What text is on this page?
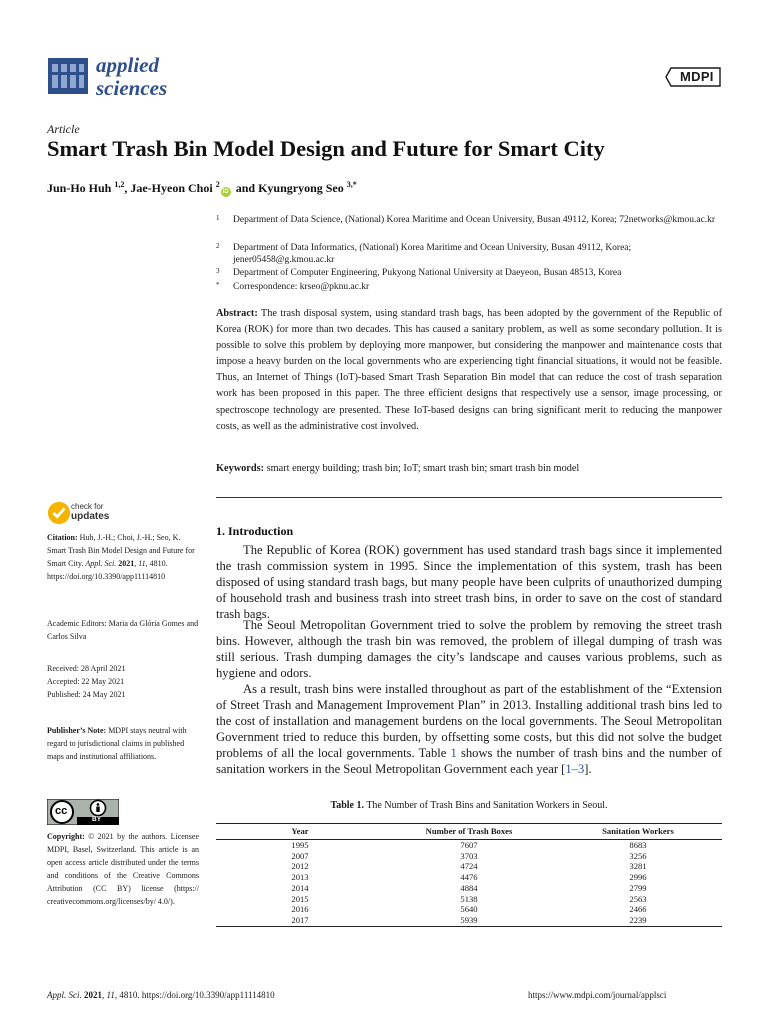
applied
sciences	MDPI
Article
Smart Trash Bin Model Design and Future for Smart City
Jun-Ho Huh $^{1,2}$, Jae-Hyeon Choi $^2$iD and Kyungryong Seo $^{3,*}$
1 Department of Data Science, (National) Korea Maritime and Ocean University, Busan 49112, Korea; 72networks@kmou.ac.kr
2 Department of Data Informatics, (National) Korea Maritime and Ocean University, Busan 49112, Korea; jener05458@g.kmou.ac.kr
3 Department of Computer Engineering, Pukyong National University at Daeyeon, Busan 48513, Korea
* Correspondence: krseo@pknu.ac.kr
Abstract: The trash disposal system, using standard trash bags, has been adopted by the government of the Republic of Korea (ROK) for more than two decades. This has caused a sanitary problem, as well as some secondary pollution. It is possible to solve this problem by deploying more manpower, but considering the manpower and maintenance costs that impose a heavy burden on the local governments who are experiencing tight financial situations, it would not be feasible. Thus, an Internet of Things (IoT)-based Smart Trash Separation Bin model that can reduce the cost of trash separation work has been proposed in this paper. The three efficient designs that respectively use a sensor, image processing, or spectroscope technology are presented. These IoT-based designs can bring significant merit to reducing the manpower costs, as well as the administrative cost involved.
Keywords: smart energy building; trash bin; IoT; smart trash bin; smart trash bin model
check for
updates
Citation: Huh, J.-H.; Choi, J.-H.; Seo, K. Smart Trash Bin Model Design and Future for Smart City. Appl. Sci. 2021, 11, 4810. https://doi.org/10.3390/app11114810
Academic Editors: Maria da Glória Gomes and Carlos Silva
Received: 28 April 2021
Accepted: 22 May 2021
Published: 24 May 2021
Publisher’s Note: MDPI stays neutral with regard to jurisdictional claims in published maps and institutional affiliations.
cc
BY
Copyright: © 2021 by the authors. Licensee MDPI, Basel, Switzerland. This article is an open access article distributed under the terms and conditions of the Creative Commons Attribution (CC BY) license (https:// creativecommons.org/licenses/by/ 4.0/).
1. Introduction
The Republic of Korea (ROK) government has used standard trash bags since it implemented the trash commission system in 1995. Since the implementation of this system, trash has been disposed of using standard trash bags, but many people have been culprits of unauthorized dumping of household trash and business trash into street trash bins, in order to save on the cost of standard trash bags.
The Seoul Metropolitan Government tried to solve the problem by removing the street trash bins. However, although the trash bin was removed, the problem of illegal dumping of trash was still serious. Trash dumping damages the city’s landscape and causes various problems, such as hygiene and odors.
As a result, trash bins were installed throughout as part of the establishment of the “Extension of Street Trash and Management Improvement Plan” in 2013. Installing additional trash bins led to the cost of installation and management burdens on the local governments. The Seoul Metropolitan Government tried to reduce this burden, by offsetting some costs, but this did not solve the budget problems of all the local governments. Table 1 shows the number of trash bins and the number of sanitation workers in the Seoul Metropolitan Government each year [1–3].
Table 1. The Number of Trash Bins and Sanitation Workers in Seoul.
Year	Number of Trash Boxes	Sanitation Workers
1995	7607	8683
2007	3703	3256
2012	4724	3281
2013	4476	2996
2014	4884	2799
2015	5138	2563
2016	5640	2466
2017	5939	2239
Appl. Sci. 2021, 11, 4810. https://doi.org/10.3390/app11114810	https://www.mdpi.com/journal/applsci
